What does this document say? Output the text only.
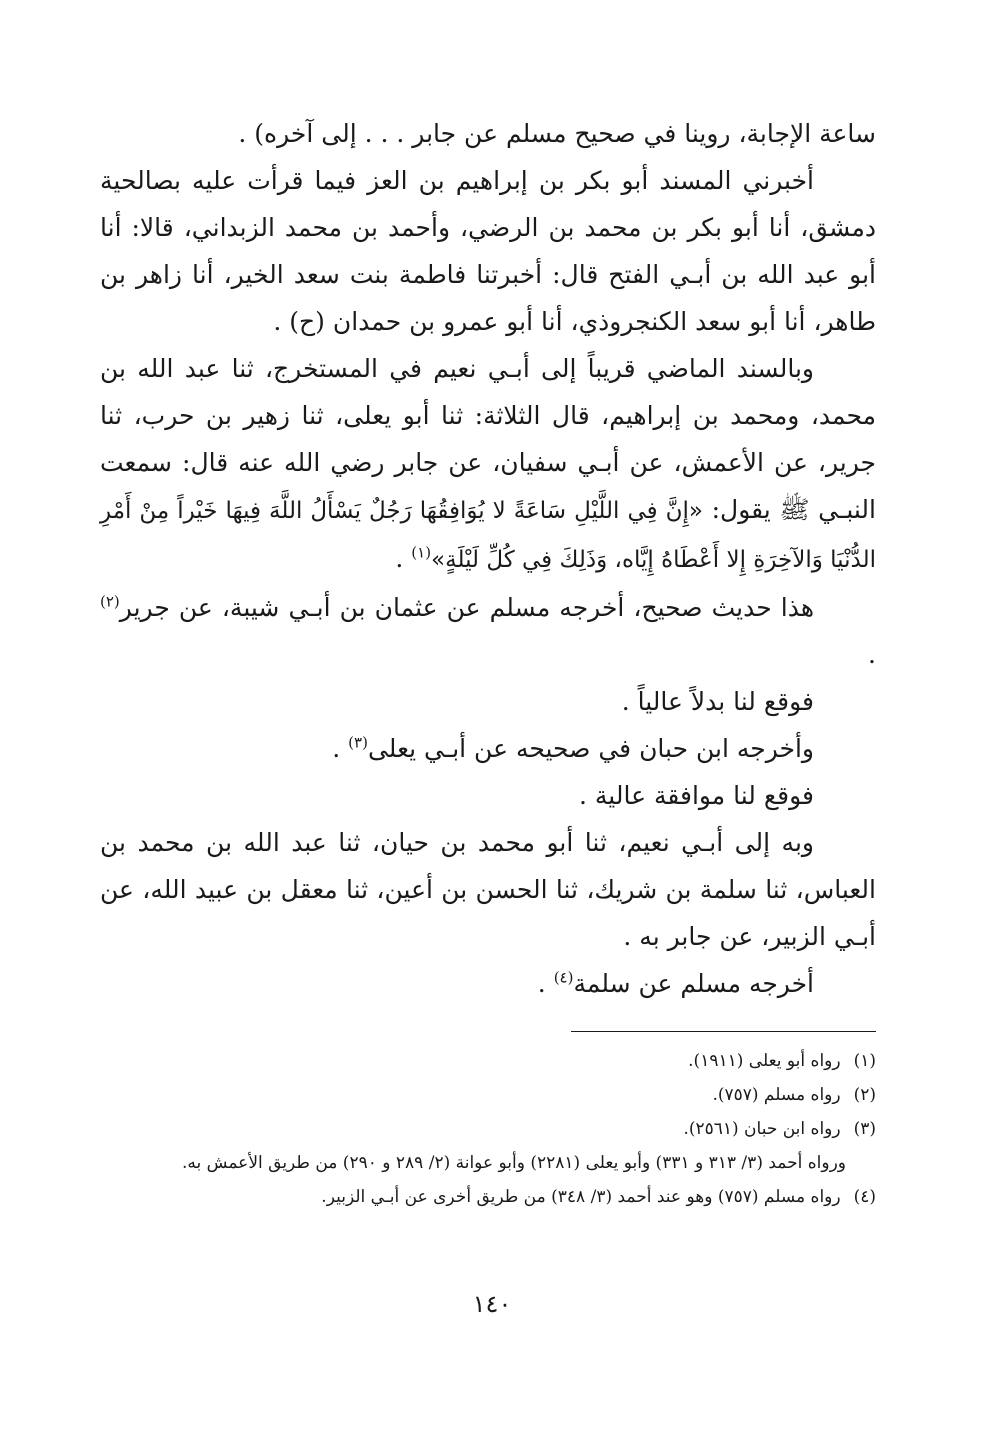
ساعة الإجابة، روينا في صحيح مسلم عن جابر . . . إلى آخره) .

أخبرني المسند أبو بكر بن إبراهيم بن العز فيما قرأت عليه بصالحية دمشق، أنا أبو بكر بن محمد بن الرضي، وأحمد بن محمد الزبداني، قالا: أنا أبو عبد الله بن أبـي الفتح قال: أخبرتنا فاطمة بنت سعد الخير، أنا زاهر بن طاهر، أنا أبو سعد الكنجروذي، أنا أبو عمرو بن حمدان (ح) .

وبالسند الماضي قريباً إلى أبـي نعيم في المستخرج، ثنا عبد الله بن محمد، ومحمد بن إبراهيم، قال الثلاثة: ثنا أبو يعلى، ثنا زهير بن حرب، ثنا جرير، عن الأعمش، عن أبـي سفيان، عن جابر رضي الله عنه قال: سمعت النبـي ﷺ يقول: «إِنَّ فِي اللَّيْلِ سَاعَةً لا يُوَافِقُهَا رَجُلٌ يَسْأَلُ اللَّهَ فِيهَا خَيْراً مِنْ أَمْرِ الدُّنْيَا وَالآخِرَةِ إِلا أَعْطَاهُ إِيَّاه، وَذَلِكَ فِي كُلِّ لَيْلَةٍ»$^{(١)}$ .

هذا حديث صحيح، أخرجه مسلم عن عثمان بن أبـي شيبة، عن جرير$^{(٢)}$ .

فوقع لنا بدلاً عالياً .

وأخرجه ابن حبان في صحيحه عن أبـي يعلى$^{(٣)}$ .

فوقع لنا موافقة عالية .

وبه إلى أبـي نعيم، ثنا أبو محمد بن حيان، ثنا عبد الله بن محمد بن العباس، ثنا سلمة بن شريك، ثنا الحسن بن أعين، ثنا معقل بن عبيد الله، عن أبـي الزبير، عن جابر به .

أخرجه مسلم عن سلمة$^{(٤)}$ .

(١) رواه أبو يعلى (١٩١١).

(٢) رواه مسلم (٧٥٧).

(٣) رواه ابن حبان (٢٥٦١).

ورواه أحمد (٣/ ٣١٣ و ٣٣١) وأبو يعلى (٢٢٨١) وأبو عوانة (٢/ ٢٨٩ و ٢٩٠) من طريق الأعمش به.

(٤) رواه مسلم (٧٥٧) وهو عند أحمد (٣/ ٣٤٨) من طريق أخرى عن أبـي الزبير.

١٤٠
